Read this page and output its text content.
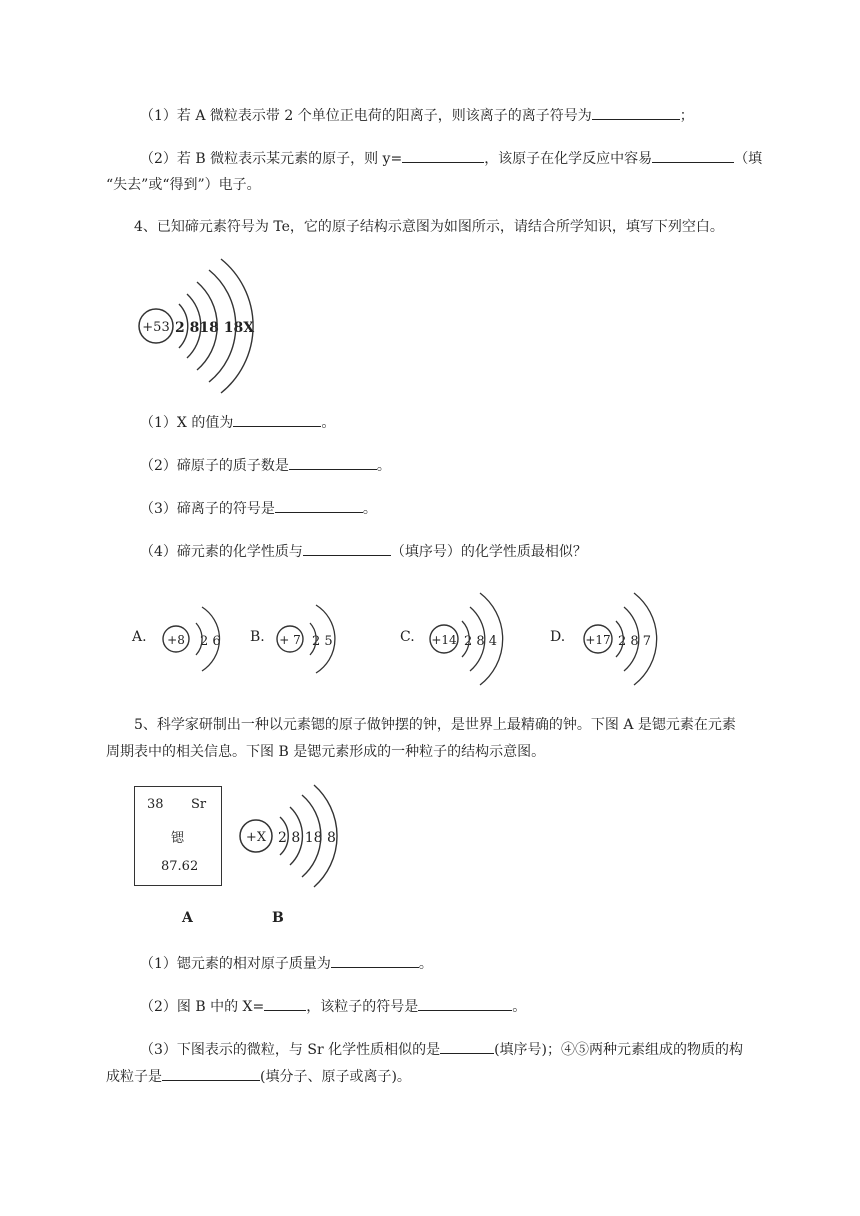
（1）若 A 微粒表示带 2 个单位正电荷的阳离子，则该离子的离子符号为	；
（2）若 B 微粒表示某元素的原子，则 y=	，该原子在化学反应中容易	（填
“失去”或“得到”）电子。
4、已知碲元素符号为 Te，它的原子结构示意图为如图所示，请结合所学知识，填写下列空白。
+53 2 818 18X
（1）X 的值为	。
（2）碲原子的质子数是	。
（3）碲离子的符号是	。
（4）碲元素的化学性质与	（填序号）的化学性质最相似？
A. +8 2 6 B. + 7 2 5	C. +14 2 8 4	D. +17 2 8 7
5、科学家研制出一种以元素锶的原子做钟摆的钟，是世界上最精确的钟。下图 A 是锶元素在元素
周期表中的相关信息。下图 B 是锶元素形成的一种粒子的结构示意图。
38 Sr
锶
87.62
+X 2 8 18 8
A	B
（1）锶元素的相对原子质量为	。
（2）图 B 中的 X=	，该粒子的符号是	。
（3）下图表示的微粒，与 Sr 化学性质相似的是	(填序号)；④⑤两种元素组成的物质的构
成粒子是	(填分子、原子或离子)。
